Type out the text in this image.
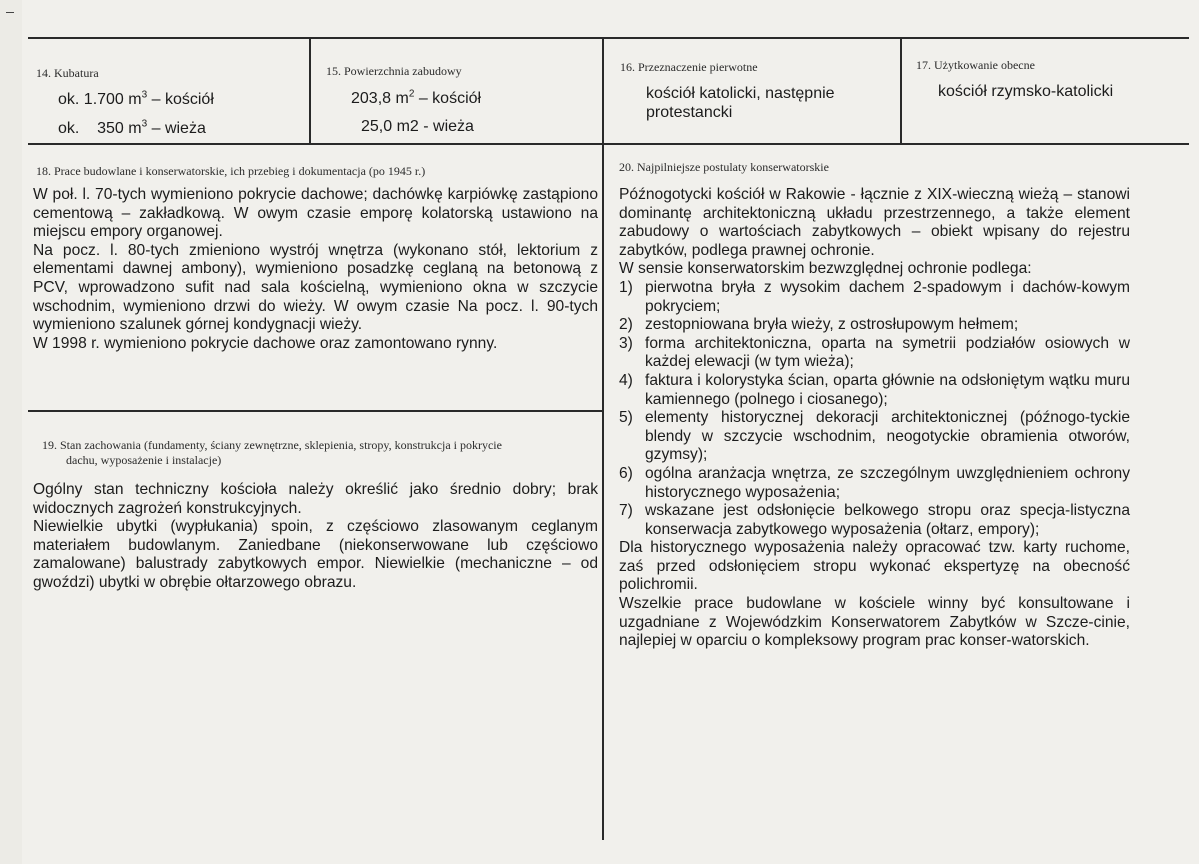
14. Kubatura
ok. 1.700 $m^3$ – kościół
ok.    350 $m^3$ – wieża
15. Powierzchnia zabudowy
203,8 $m^2$ – kościół
25,0 m2 - wieża
16. Przeznaczenie pierwotne
kościół katolicki, następnie protestancki
17. Użytkowanie obecne
kościół rzymsko-katolicki
18. Prace budowlane i konserwatorskie, ich przebieg i dokumentacja (po 1945 r.)

W poł. l. 70-tych wymieniono pokrycie dachowe; dachówkę karpiówkę zastąpiono cementową – zakładkową. W owym czasie emporę kolatorską ustawiono na miejscu empory organowej.

Na pocz. l. 80-tych zmieniono wystrój wnętrza (wykonano stół, lektorium z elementami dawnej ambony), wymieniono posadzkę ceglaną na betonową z PCV, wprowadzono sufit nad sala kościelną, wymieniono okna w szczycie wschodnim, wymieniono drzwi do wieży. W owym czasie Na pocz. l. 90-tych wymieniono szalunek górnej kondygnacji wieży.

W 1998 r. wymieniono pokrycie dachowe oraz zamontowano rynny.

19. Stan zachowania (fundamenty, ściany zewnętrzne, sklepienia, stropy, konstrukcja i pokrycie
dachu, wyposażenie i instalacje)

Ogólny stan techniczny kościoła należy określić jako średnio dobry; brak widocznych zagrożeń konstrukcyjnych.

Niewielkie ubytki (wypłukania) spoin, z częściowo zlasowanym ceglanym materiałem budowlanym. Zaniedbane (niekonserwowane lub częściowo zamalowane) balustrady zabytkowych empor. Niewielkie (mechaniczne – od gwoździ) ubytki w obrębie ołtarzowego obrazu.

20. Najpilniejsze postulaty konserwatorskie

Późnogotycki kościół w Rakowie - łącznie z XIX-wieczną wieżą – stanowi dominantę architektoniczną układu przestrzennego, a także element zabudowy o wartościach zabytkowych – obiekt wpisany do rejestru zabytków, podlega prawnej ochronie.

W sensie konserwatorskim bezwzględnej ochronie podlega:

1) pierwotna bryła z wysokim dachem 2-spadowym i dachów-kowym pokryciem;
2) zestopniowana bryła wieży, z ostrosłupowym hełmem;
3) forma architektoniczna, oparta na symetrii podziałów osiowych w każdej elewacji (w tym wieża);
4) faktura i kolorystyka ścian, oparta głównie na odsłoniętym wątku muru kamiennego (polnego i ciosanego);
5) elementy historycznej dekoracji architektonicznej (późnogo-tyckie blendy w szczycie wschodnim, neogotyckie obramienia otworów, gzymsy);
6) ogólna aranżacja wnętrza, ze szczególnym uwzględnieniem ochrony historycznego wyposażenia;
7) wskazane jest odsłonięcie belkowego stropu oraz specja-listyczna konserwacja zabytkowego wyposażenia (ołtarz, empory);

Dla historycznego wyposażenia należy opracować tzw. karty ruchome, zaś przed odsłonięciem stropu wykonać ekspertyzę na obecność polichromii.

Wszelkie prace budowlane w kościele winny być konsultowane i uzgadniane z Wojewódzkim Konserwatorem Zabytków w Szcze-cinie, najlepiej w oparciu o kompleksowy program prac konser-watorskich.
